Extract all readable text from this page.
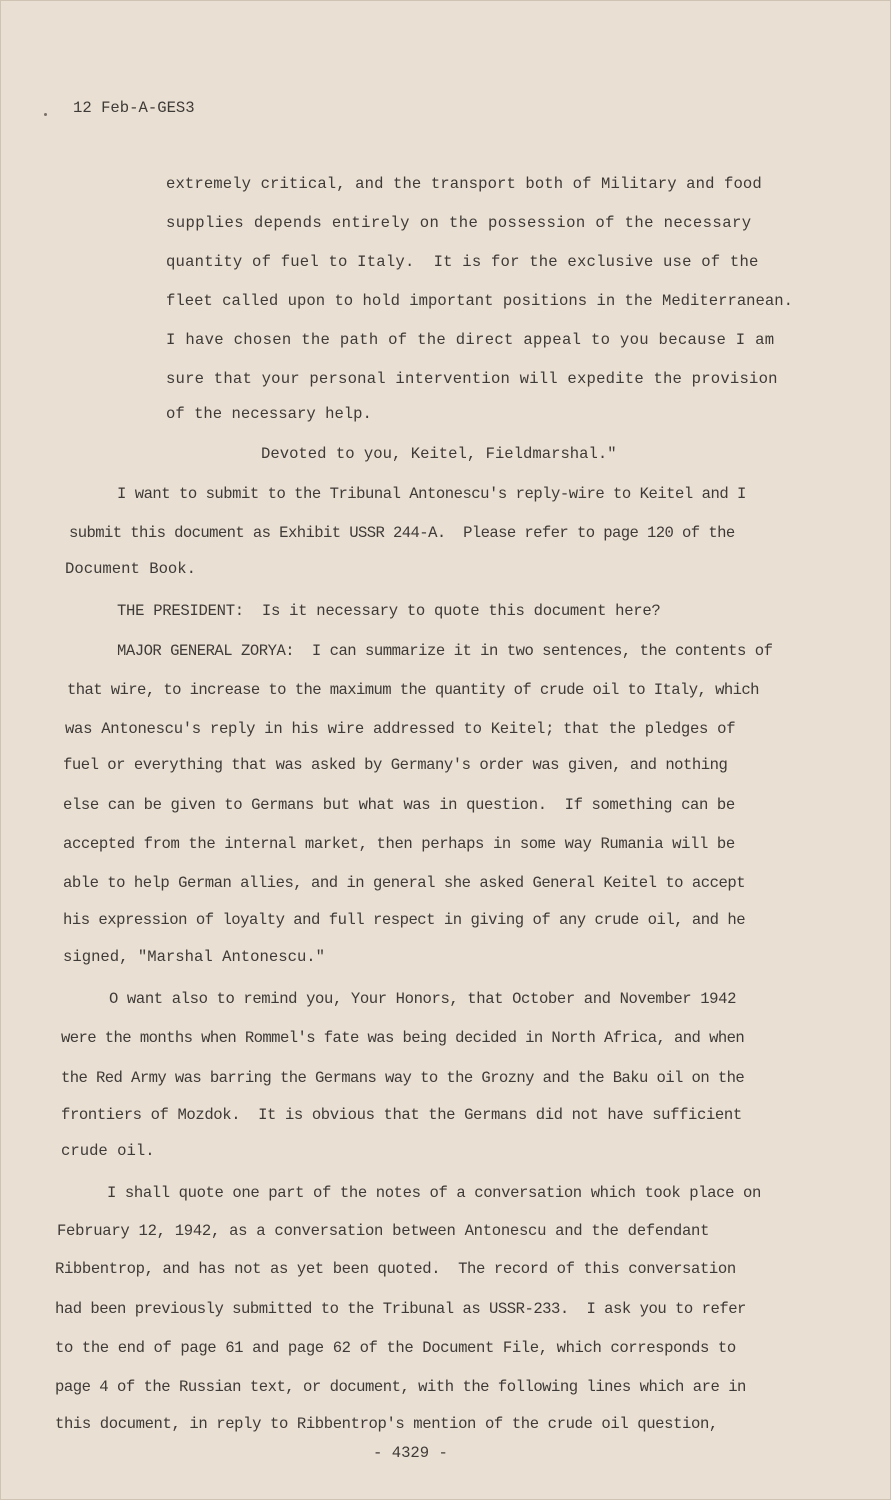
12 Feb-A-GES3

extremely critical, and the transport both of Military and food

supplies depends entirely on the possession of the necessary

quantity of fuel to Italy.  It is for the exclusive use of the

fleet called upon to hold important positions in the Mediterranean.

I have chosen the path of the direct appeal to you because I am

sure that your personal intervention will expedite the provision

of the necessary help.

Devoted to you, Keitel, Fieldmarshal."

I want to submit to the Tribunal Antonescu's reply-wire to Keitel and I

submit this document as Exhibit USSR 244-A.  Please refer to page 120 of the

Document Book.

THE PRESIDENT:  Is it necessary to quote this document here?

MAJOR GENERAL ZORYA:  I can summarize it in two sentences, the contents of

that wire, to increase to the maximum the quantity of crude oil to Italy, which

was Antonescu's reply in his wire addressed to Keitel; that the pledges of

fuel or everything that was asked by Germany's order was given, and nothing

else can be given to Germans but what was in question.  If something can be

accepted from the internal market, then perhaps in some way Rumania will be

able to help German allies, and in general she asked General Keitel to accept

his expression of loyalty and full respect in giving of any crude oil, and he

signed, "Marshal Antonescu."

O want also to remind you, Your Honors, that October and November 1942

were the months when Rommel's fate was being decided in North Africa, and when

the Red Army was barring the Germans way to the Grozny and the Baku oil on the

frontiers of Mozdok.  It is obvious that the Germans did not have sufficient

crude oil.

I shall quote one part of the notes of a conversation which took place on

February 12, 1942, as a conversation between Antonescu and the defendant

Ribbentrop, and has not as yet been quoted.  The record of this conversation

had been previously submitted to the Tribunal as USSR-233.  I ask you to refer

to the end of page 61 and page 62 of the Document File, which corresponds to

page 4 of the Russian text, or document, with the following lines which are in

this document, in reply to Ribbentrop's mention of the crude oil question,

- 4329 -
